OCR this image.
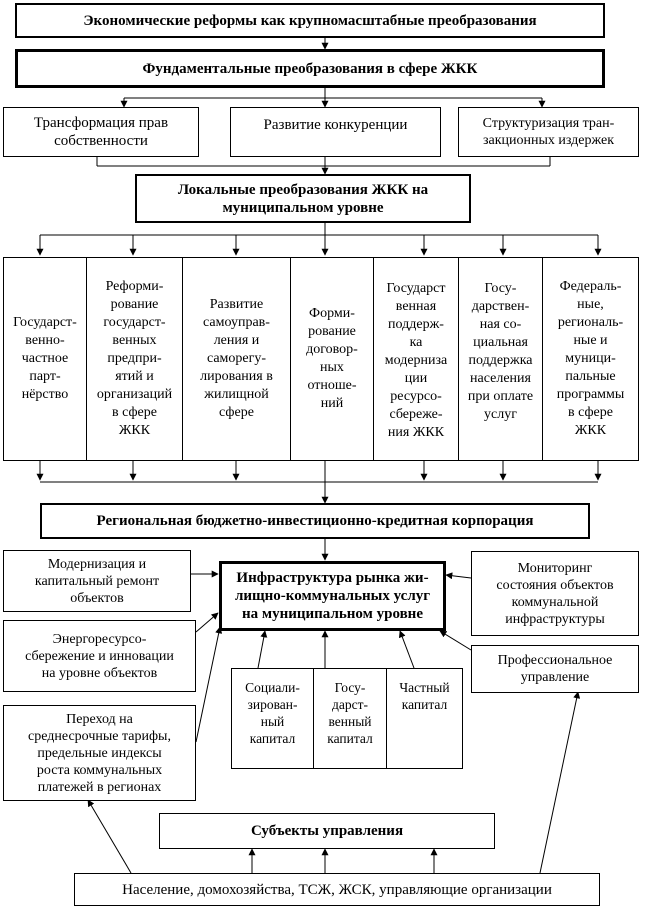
Экономические реформы как крупномасштабные преобразования
Фундаментальные преобразования в сфере ЖКК
Трансформация прав
собственности
Развитие конкуренции	Структуризация тран-
закционных издержек
Локальные преобразования ЖКК на
муниципальном уровне
Государст-
венно-
частное
парт-
нёрство
Реформи-
рование
государст-
венных
предпри-
ятий и
организаций
в сфере
ЖКК
Развитие
самоуправ-
ления и
саморегу-
лирования в
жилищной
сфере
Форми-
рование
договор-
ных
отноше-
ний
Государст
венная
поддерж-
ка
модерниза
ции
ресурсо-
сбереже-
ния ЖКК
Госу-
дарствен-
ная со-
циальная
поддержка
населения
при оплате
услуг
Федераль-
ные,
региональ-
ные и
муници-
пальные
программы
в сфере
ЖКК
Региональная бюджетно-инвестиционно-кредитная корпорация
Модернизация и
капитальный ремонт
объектов
Энергоресурсо-
сбережение и инновации
на уровне объектов
Переход на
среднесрочные тарифы,
предельные индексы
роста коммунальных
платежей в регионах
Инфраструктура рынка жи-
лищно-коммунальных услуг
на муниципальном уровне
Мониторинг
состояния объектов
коммунальной
инфраструктуры
Профессиональное
управление
Социали-
зирован-
ный
капитал
Госу-
дарст-
венный
капитал
Частный
капитал
Субъекты управления
Население, домохозяйства, ТСЖ, ЖСК, управляющие организации
